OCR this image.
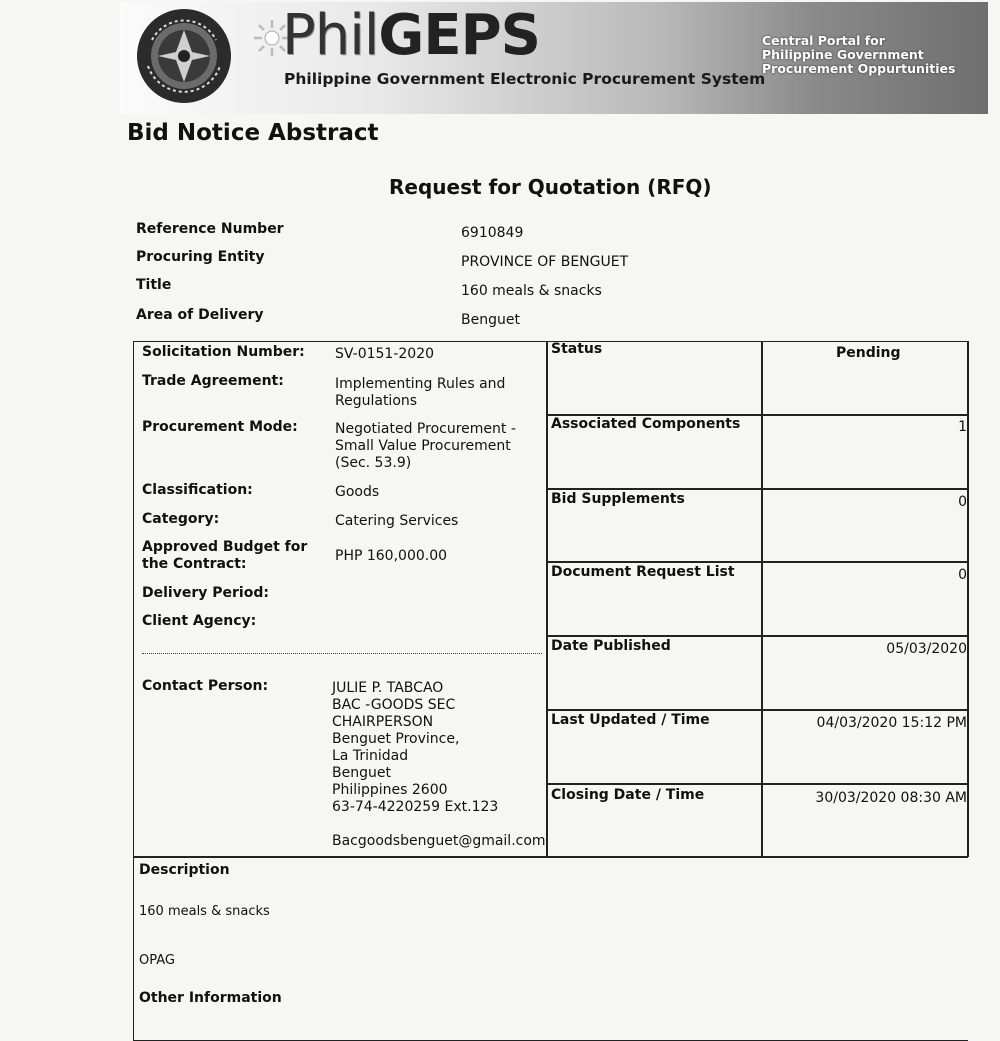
PhilGEPS
Philippine Government Electronic Procurement System
Central Portal for
Philippine Government
Procurement Oppurtunities
Bid Notice Abstract
Request for Quotation (RFQ)
Reference Number	6910849
Procuring Entity	PROVINCE OF BENGUET
Title	160 meals & snacks
Area of Delivery	Benguet
Solicitation Number: SV-0151-2020
Trade Agreement:	Implementing Rules and
Regulations
Procurement Mode:	Negotiated Procurement -
Small Value Procurement
(Sec. 53.9)
Classification:	Goods
Category:	Catering Services
Approved Budget for
the Contract:	PHP 160,000.00
Delivery Period:
Client Agency:
Contact Person:	JULIE P. TABCAO
BAC -GOODS SEC
CHAIRPERSON
Benguet Province,
La Trinidad
Benguet
Philippines 2600
63-74-4220259 Ext.123
Bacgoodsbenguet@gmail.com
Status	Pending
Associated Components	1
Bid Supplements	0
Document Request List	0
Date Published	05/03/2020
Last Updated / Time	04/03/2020 15:12 PM
Closing Date / Time	30/03/2020 08:30 AM
Description
160 meals & snacks
OPAG
Other Information
